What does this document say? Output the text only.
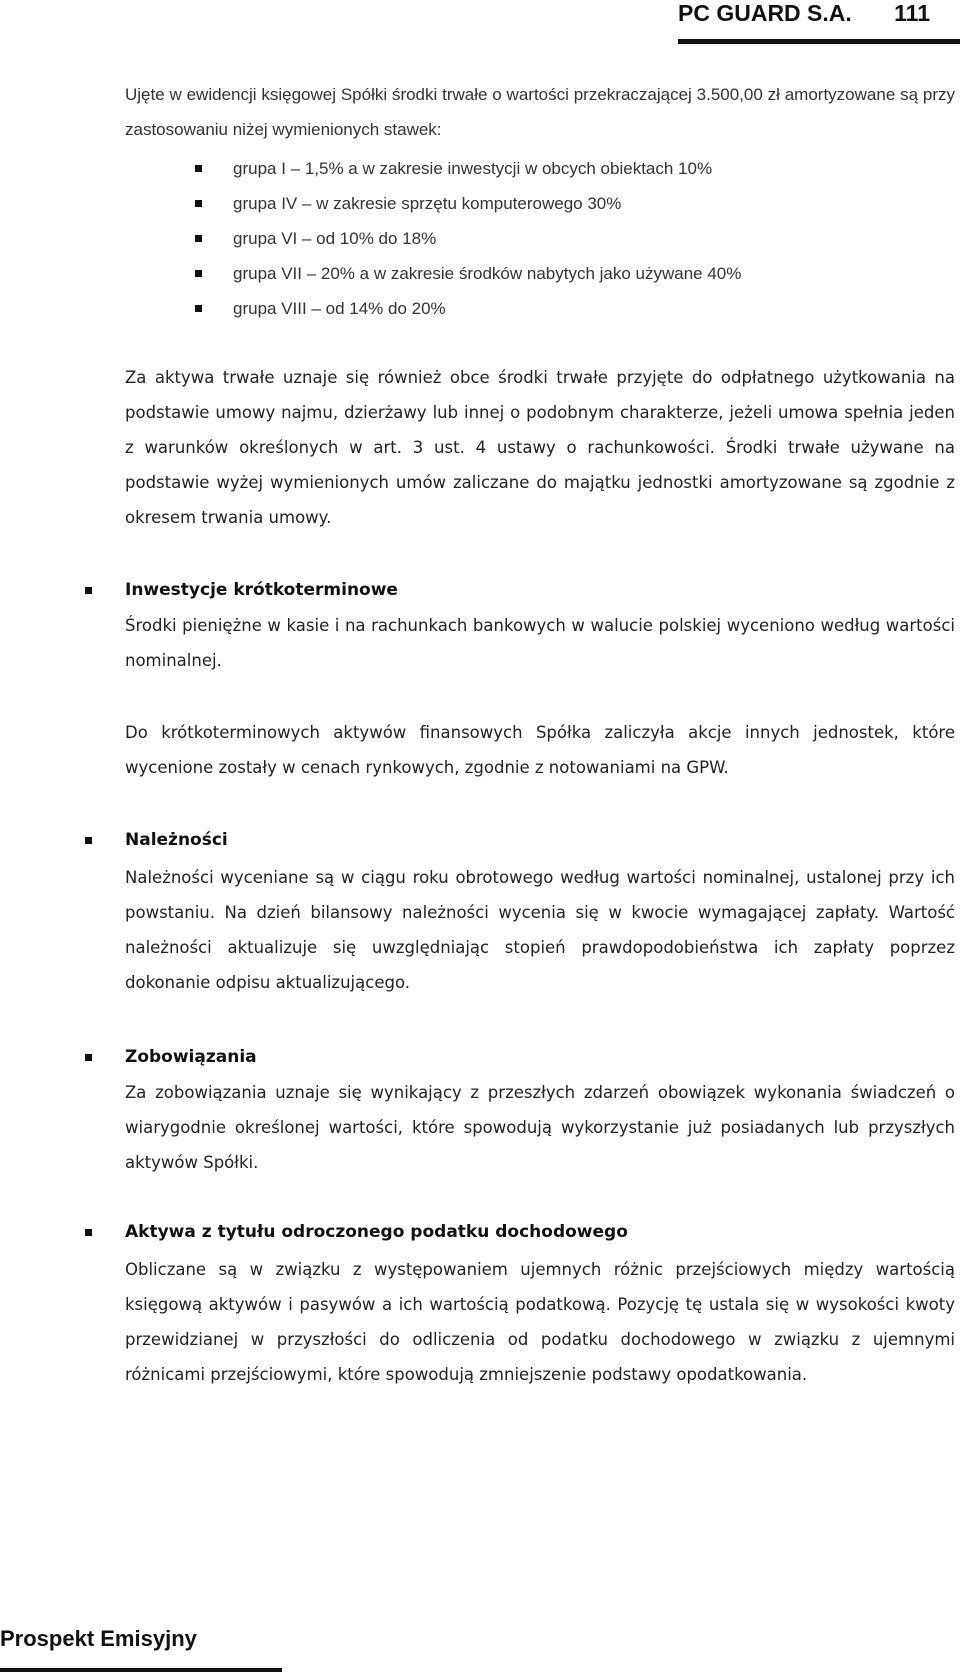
PC GUARD S.A. 111
Ujęte w ewidencji księgowej Spółki środki trwałe o wartości przekraczającej 3.500,00 zł amortyzowane są przy zastosowaniu niżej wymienionych stawek:
grupa I – 1,5% a w zakresie inwestycji w obcych obiektach 10%
grupa IV – w zakresie sprzętu komputerowego 30%
grupa VI – od 10% do 18%
grupa VII – 20% a w zakresie środków nabytych jako używane 40%
grupa VIII – od 14% do 20%

Za aktywa trwałe uznaje się również obce środki trwałe przyjęte do odpłatnego użytkowania na podstawie umowy najmu, dzierżawy lub innej o podobnym charakterze, jeżeli umowa spełnia jeden z warunków określonych w art. 3 ust. 4 ustawy o rachunkowości. Środki trwałe używane na podstawie wyżej wymienionych umów zaliczane do majątku jednostki amortyzowane są zgodnie z okresem trwania umowy.

Inwestycje krótkoterminowe

Środki pieniężne w kasie i na rachunkach bankowych w walucie polskiej wyceniono według wartości nominalnej.

Do krótkoterminowych aktywów finansowych Spółka zaliczyła akcje innych jednostek, które wycenione zostały w cenach rynkowych, zgodnie z notowaniami na GPW.

Należności

Należności wyceniane są w ciągu roku obrotowego według wartości nominalnej, ustalonej przy ich powstaniu. Na dzień bilansowy należności wycenia się w kwocie wymagającej zapłaty. Wartość należności aktualizuje się uwzględniając stopień prawdopodobieństwa ich zapłaty poprzez dokonanie odpisu aktualizującego.

Zobowiązania

Za zobowiązania uznaje się wynikający z przeszłych zdarzeń obowiązek wykonania świadczeń o wiarygodnie określonej wartości, które spowodują wykorzystanie już posiadanych lub przyszłych aktywów Spółki.

Aktywa z tytułu odroczonego podatku dochodowego

Obliczane są w związku z występowaniem ujemnych różnic przejściowych między wartością księgową aktywów i pasywów a ich wartością podatkową. Pozycję tę ustala się w wysokości kwoty przewidzianej w przyszłości do odliczenia od podatku dochodowego w związku z ujemnymi różnicami przejściowymi, które spowodują zmniejszenie podstawy opodatkowania.

Prospekt Emisyjny
